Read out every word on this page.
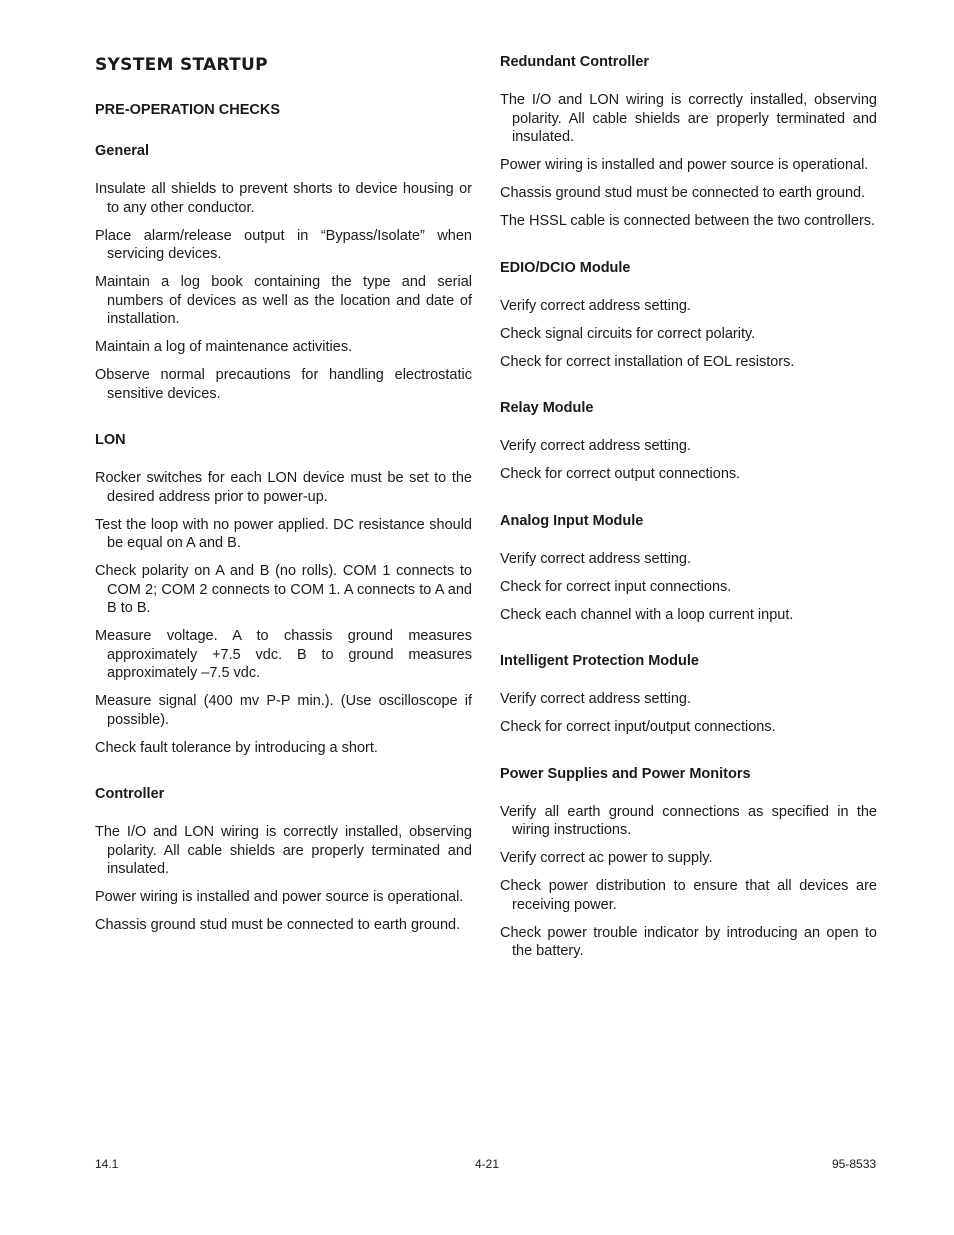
SYSTEM STARTUP
PRE-OPERATION CHECKS
General
Insulate all shields to prevent shorts to device housing or to any other conductor.
Place alarm/release output in “Bypass/Isolate” when servicing devices.
Maintain a log book containing the type and serial numbers of devices as well as the location and date of installation.
Maintain a log of maintenance activities.
Observe normal precautions for handling electrostatic sensitive devices.
LON
Rocker switches for each LON device must be set to the desired address prior to power-up.
Test the loop with no power applied. DC resistance should be equal on A and B.
Check polarity on A and B (no rolls). COM 1 connects to COM 2; COM 2 connects to COM 1. A connects to A and B to B.
Measure voltage. A to chassis ground measures approximately +7.5 vdc. B to ground measures approximately –7.5 vdc.
Measure signal (400 mv P-P min.). (Use oscilloscope if possible).
Check fault tolerance by introducing a short.
Controller
The I/O and LON wiring is correctly installed, observing polarity. All cable shields are properly terminated and insulated.
Power wiring is installed and power source is operational.
Chassis ground stud must be connected to earth ground.
Redundant Controller
The I/O and LON wiring is correctly installed, observing polarity. All cable shields are properly terminated and insulated.
Power wiring is installed and power source is operational.
Chassis ground stud must be connected to earth ground.
The HSSL cable is connected between the two controllers.
EDIO/DCIO Module
Verify correct address setting.
Check signal circuits for correct polarity.
Check for correct installation of EOL resistors.
Relay Module
Verify correct address setting.
Check for correct output connections.
Analog Input Module
Verify correct address setting.
Check for correct input connections.
Check each channel with a loop current input.
Intelligent Protection Module
Verify correct address setting.
Check for correct input/output connections.
Power Supplies and Power Monitors
Verify all earth ground connections as specified in the wiring instructions.
Verify correct ac power to supply.
Check power distribution to ensure that all devices are receiving power.
Check power trouble indicator by introducing an open to the battery.
14.1	4-21	95-8533
